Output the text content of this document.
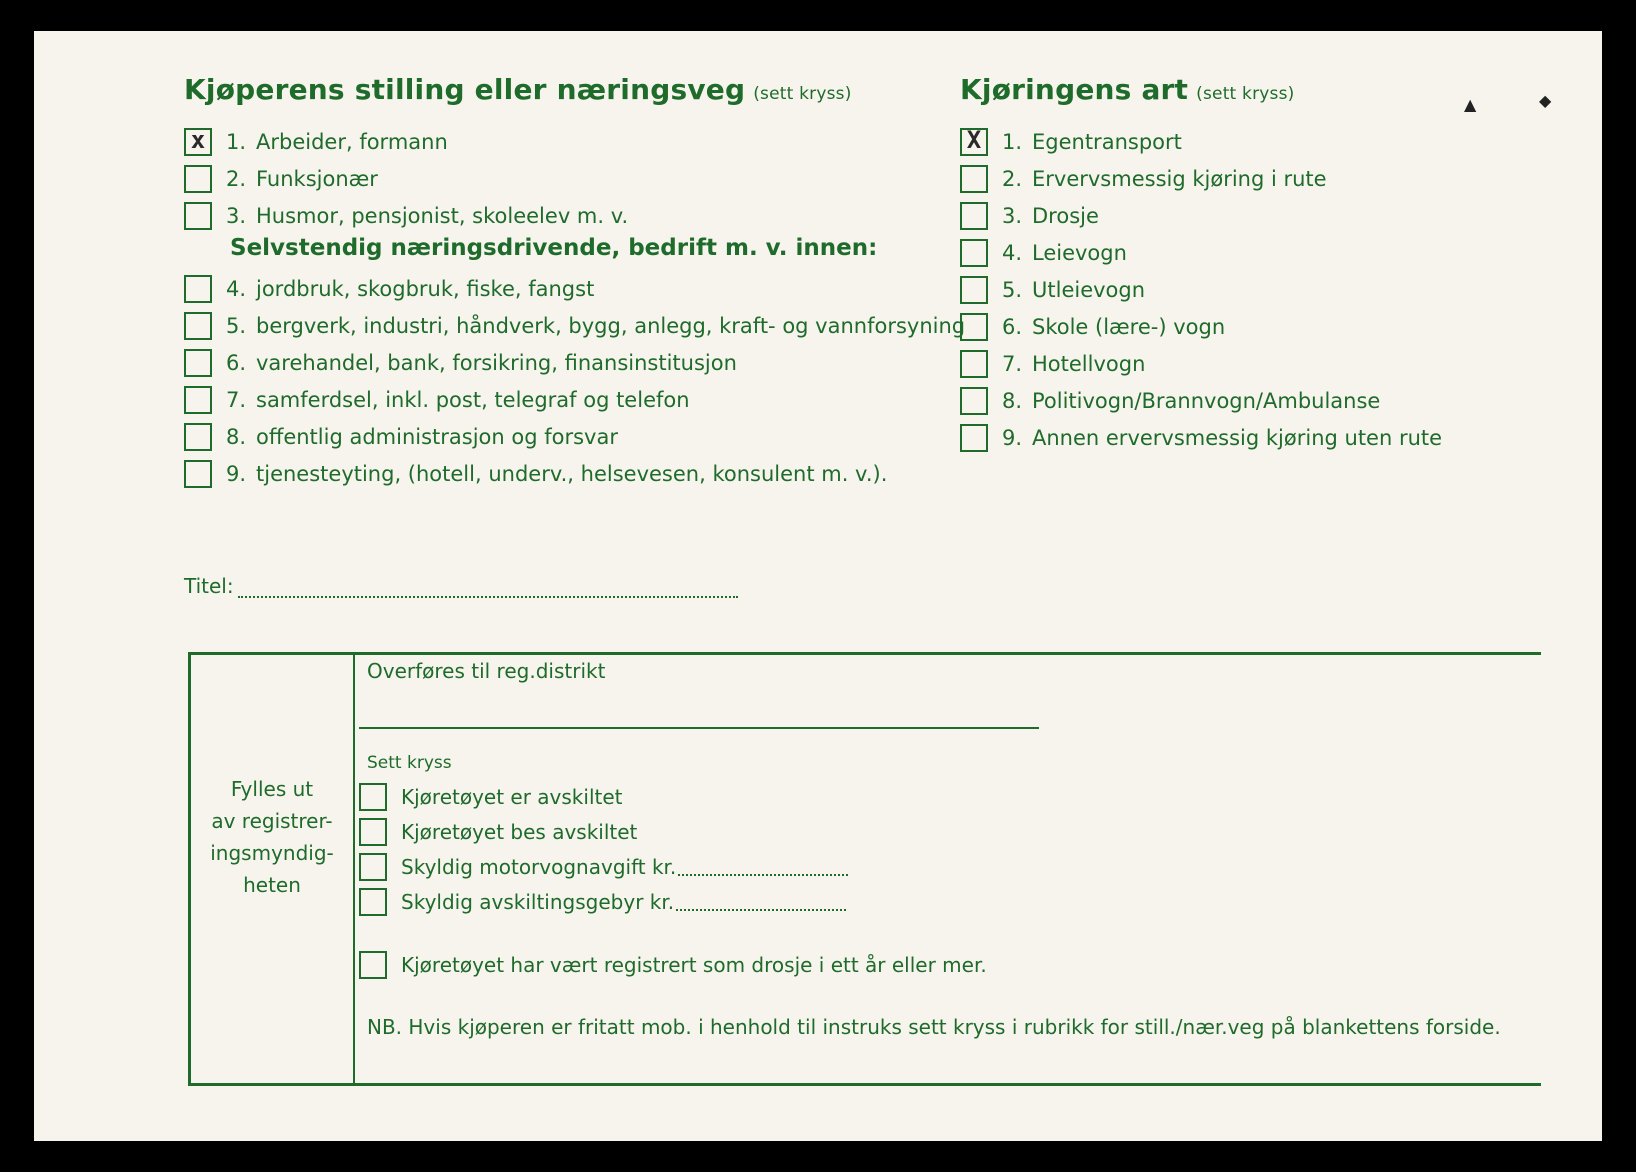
Kjøperens stilling eller næringsveg (sett kryss)
x 1. Arbeider, formann
2. Funksjonær
3. Husmor, pensjonist, skoleelev m. v.
Selvstendig næringsdrivende, bedrift m. v. innen:
4. jordbruk, skogbruk, fiske, fangst
5. bergverk, industri, håndverk, bygg, anlegg, kraft- og vannforsyning
6. varehandel, bank, forsikring, finansinstitusjon
7. samferdsel, inkl. post, telegraf og telefon
8. offentlig administrasjon og forsvar
9. tjenesteyting, (hotell, underv., helsevesen, konsulent m. v.).
Kjøringens art (sett kryss)
X 1. Egentransport
2. Ervervsmessig kjøring i rute
3. Drosje
4. Leievogn
5. Utleievogn
6. Skole (lære-) vogn
7. Hotellvogn
8. Politivogn/Brannvogn/Ambulanse
9. Annen ervervsmessig kjøring uten rute
▲	◆
Titel:
Fylles ut
av registrer-
ingsmyndig-
heten
Overføres til reg.distrikt
Sett kryss
Kjøretøyet er avskiltet
Kjøretøyet bes avskiltet
Skyldig motorvognavgift kr.
Skyldig avskiltingsgebyr kr.
Kjøretøyet har vært registrert som drosje i ett år eller mer.
NB. Hvis kjøperen er fritatt mob. i henhold til instruks sett kryss i rubrikk for still./nær.veg på blankettens forside.
